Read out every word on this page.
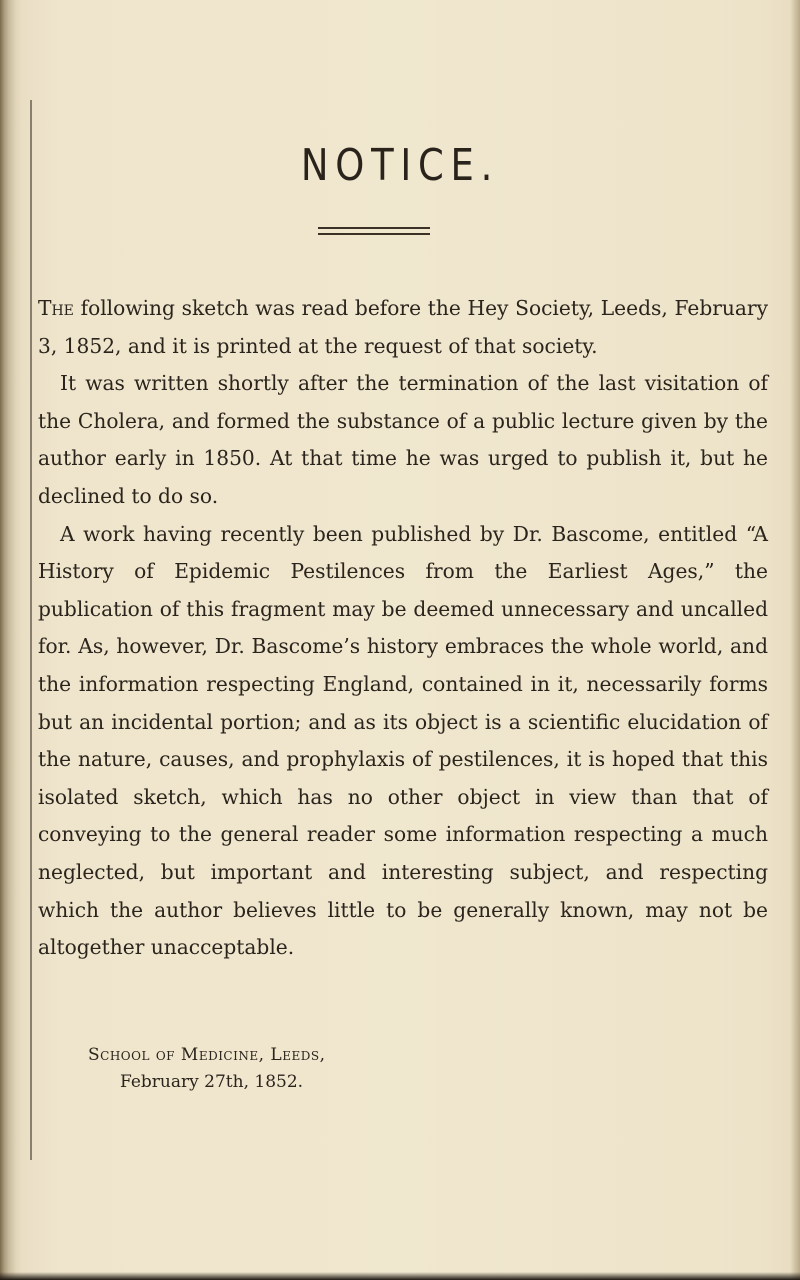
NOTICE.

The following sketch was read before the Hey Society, Leeds, February 3, 1852, and it is printed at the request of that society.

It was written shortly after the termination of the last visitation of the Cholera, and formed the substance of a public lecture given by the author early in 1850. At that time he was urged to publish it, but he declined to do so.

A work having recently been published by Dr. Bascome, entitled “A History of Epidemic Pestilences from the Earliest Ages,” the publication of this fragment may be deemed unnecessary and uncalled for. As, however, Dr. Bascome’s history embraces the whole world, and the information respecting England, contained in it, necessarily forms but an incidental portion; and as its object is a scientific elucidation of the nature, causes, and prophylaxis of pestilences, it is hoped that this isolated sketch, which has no other object in view than that of conveying to the general reader some information respecting a much neglected, but important and interesting subject, and respecting which the author believes little to be generally known, may not be altogether unacceptable.

School of Medicine, Leeds,
February 27th, 1852.
